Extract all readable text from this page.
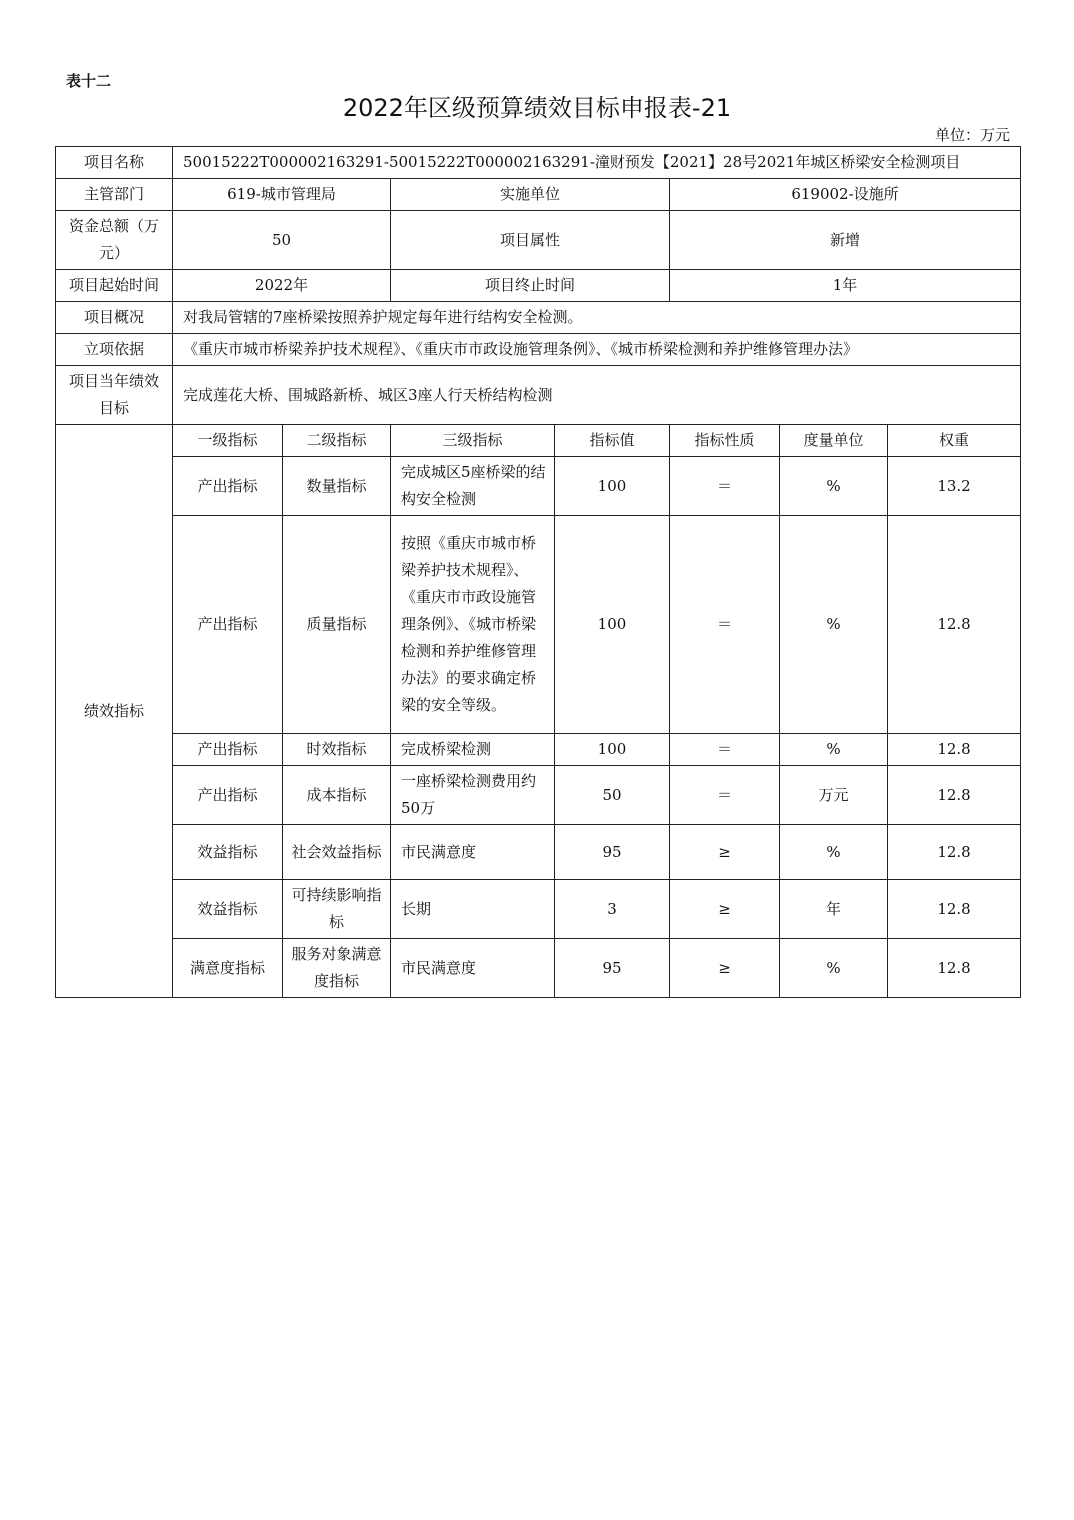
表十二
2022年区级预算绩效目标申报表-21
单位：万元
项目名称	50015222T000002163291-50015222T000002163291-潼财预发【2021】28号2021年城区桥梁安全检测项目						
主管部门	619-城市管理局		实施单位		619002-设施所		
资金总额（万元）	50		项目属性		新增		
项目起始时间	2022年		项目终止时间		1年		
项目概况	对我局管辖的7座桥梁按照养护规定每年进行结构安全检测。						
立项依据	《重庆市城市桥梁养护技术规程》、《重庆市市政设施管理条例》、《城市桥梁检测和养护维修管理办法》						
项目当年绩效目标	完成莲花大桥、围城路新桥、城区3座人行天桥结构检测						
绩效指标	一级指标	二级指标	三级指标	指标值	指标性质	度量单位	权重
	产出指标	数量指标	完成城区5座桥梁的结构安全检测	100	＝	%	13.2
	产出指标	质量指标	按照《重庆市城市桥梁养护技术规程》、《重庆市市政设施管理条例》、《城市桥梁检测和养护维修管理办法》的要求确定桥梁的安全等级。	100	＝	%	12.8
	产出指标	时效指标	完成桥梁检测	100	＝	%	12.8
	产出指标	成本指标	一座桥梁检测费用约50万	50	＝	万元	12.8
	效益指标	社会效益指标	市民满意度	95	≥	%	12.8
	效益指标	可持续影响指标	长期	3	≥	年	12.8
	满意度指标	服务对象满意度指标	市民满意度	95	≥	%	12.8
